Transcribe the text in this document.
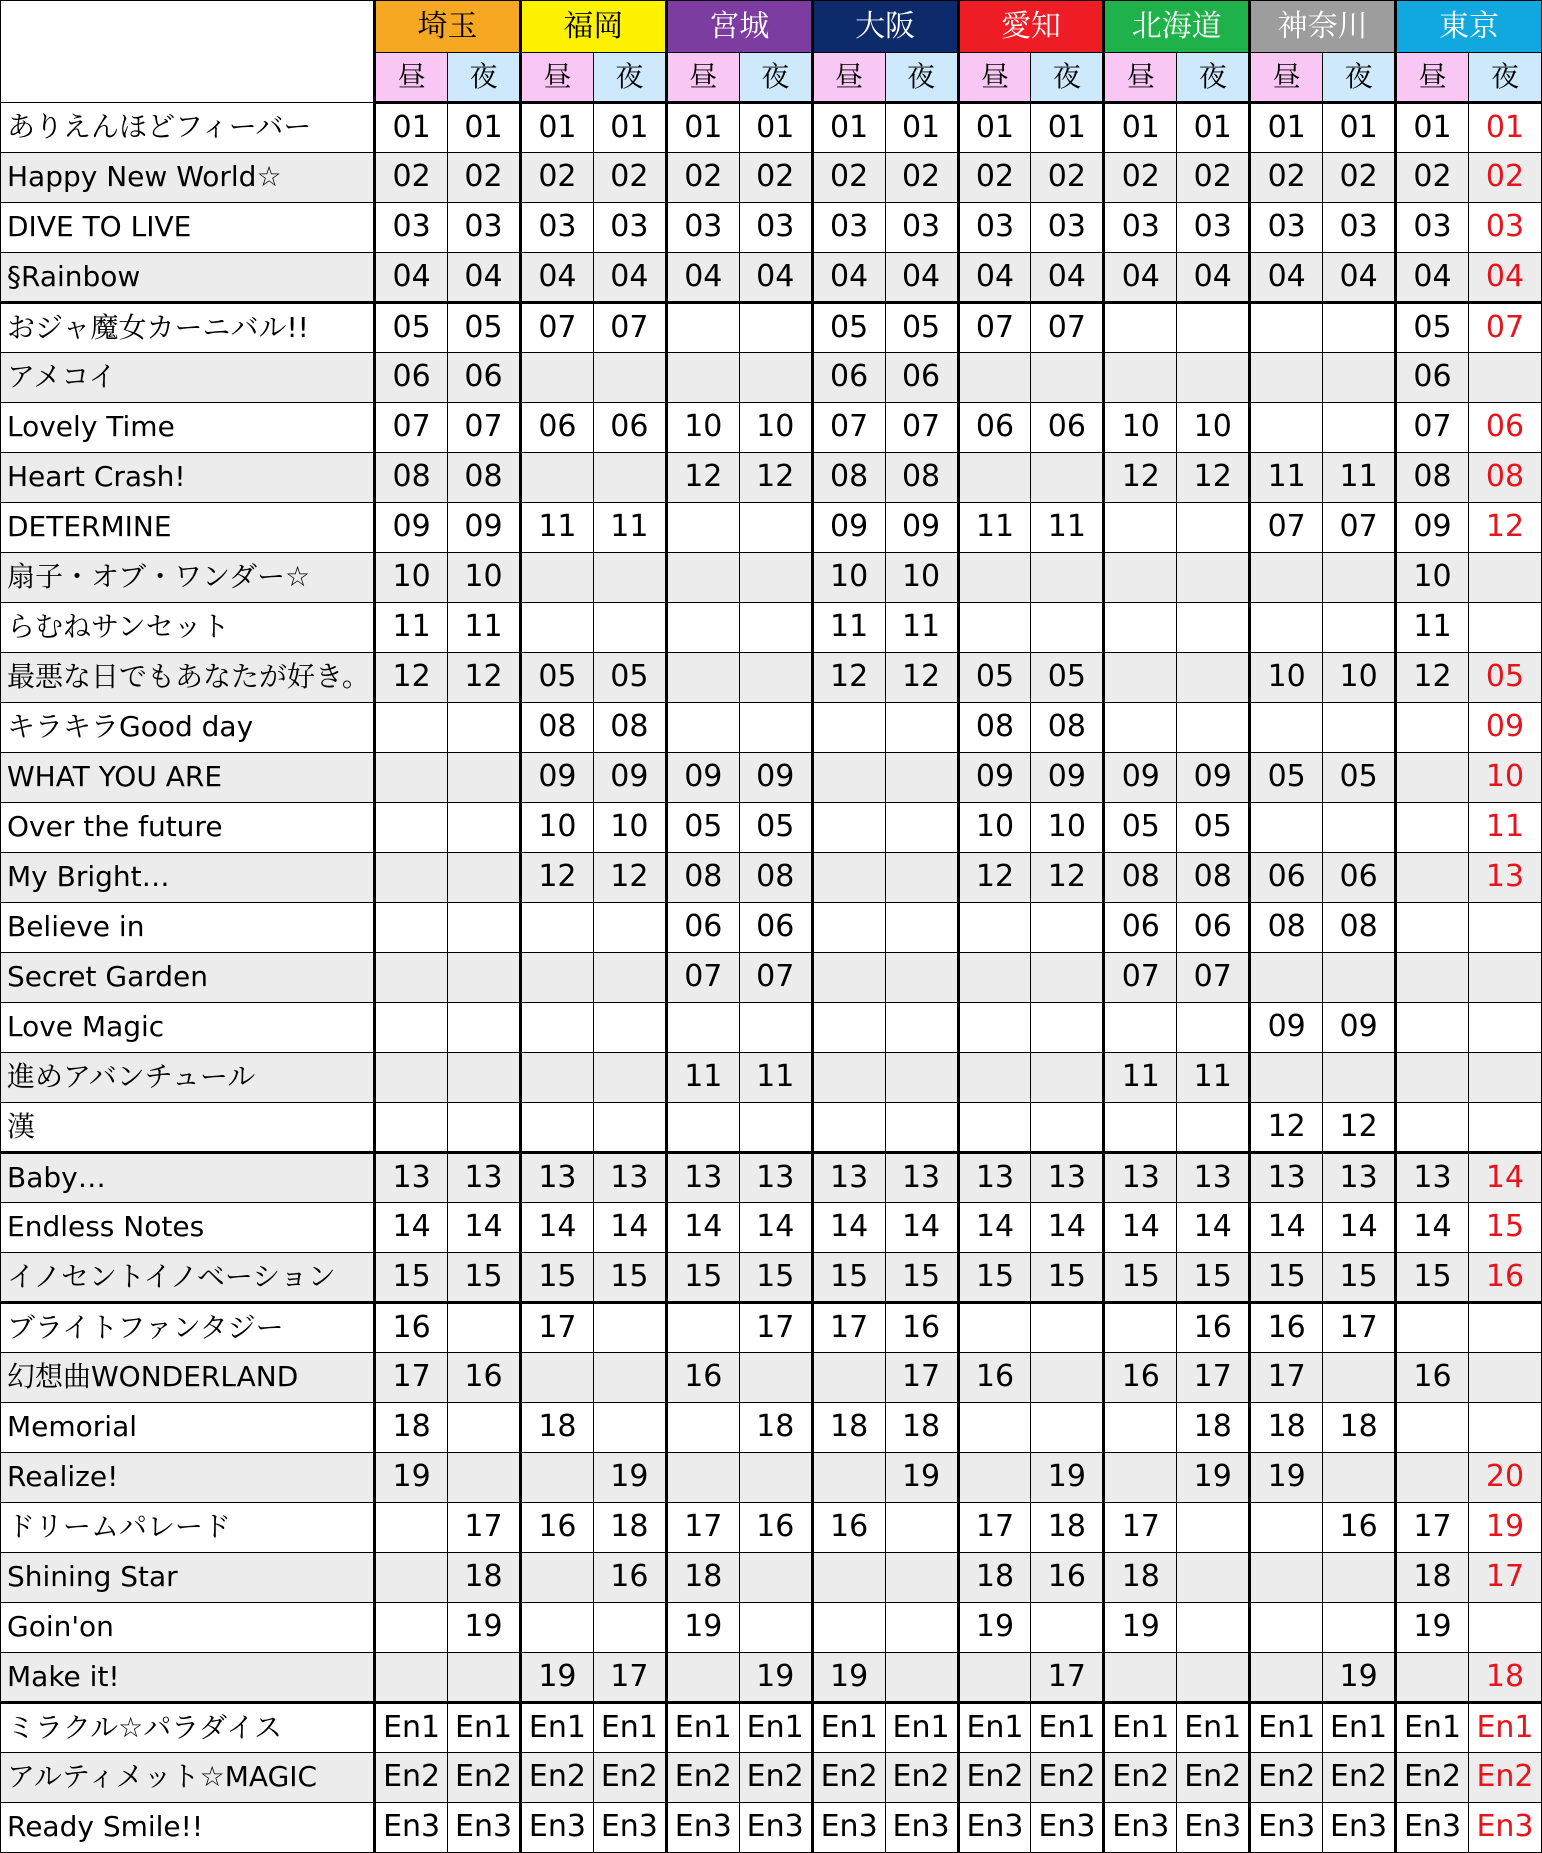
	埼玉		福岡		宮城		大阪		愛知		北海道		神奈川		東京	
	昼	夜	昼	夜	昼	夜	昼	夜	昼	夜	昼	夜	昼	夜	昼	夜
ありえんほどフィーバー	01	01	01	01	01	01	01	01	01	01	01	01	01	01	01	01
Happy New World☆	02	02	02	02	02	02	02	02	02	02	02	02	02	02	02	02
DIVE TO LIVE	03	03	03	03	03	03	03	03	03	03	03	03	03	03	03	03
§Rainbow	04	04	04	04	04	04	04	04	04	04	04	04	04	04	04	04
おジャ魔女カーニバル!!	05	05	07	07			05	05	07	07					05	07
アメコイ	06	06					06	06							06	
Lovely Time	07	07	06	06	10	10	07	07	06	06	10	10			07	06
Heart Crash!	08	08			12	12	08	08			12	12	11	11	08	08
DETERMINE	09	09	11	11			09	09	11	11			07	07	09	12
扇子・オブ・ワンダー☆	10	10					10	10							10	
らむねサンセット	11	11					11	11							11	
最悪な日でもあなたが好き。	12	12	05	05			12	12	05	05			10	10	12	05
キラキラGood day			08	08					08	08						09
WHAT YOU ARE			09	09	09	09			09	09	09	09	05	05		10
Over the future			10	10	05	05			10	10	05	05				11
My Bright…			12	12	08	08			12	12	08	08	06	06		13
Believe in					06	06					06	06	08	08		
Secret Garden					07	07					07	07				
Love Magic													09	09		
進めアバンチュール					11	11					11	11				
漢													12	12		
Baby…	13	13	13	13	13	13	13	13	13	13	13	13	13	13	13	14
Endless Notes	14	14	14	14	14	14	14	14	14	14	14	14	14	14	14	15
イノセントイノベーション	15	15	15	15	15	15	15	15	15	15	15	15	15	15	15	16
ブライトファンタジー	16		17			17	17	16				16	16	17		
幻想曲WONDERLAND	17	16			16			17	16		16	17	17		16	
Memorial	18		18			18	18	18				18	18	18		
Realize!	19			19				19		19		19	19			20
ドリームパレード		17	16	18	17	16	16		17	18	17			16	17	19
Shining Star		18		16	18				18	16	18				18	17
Goin'on		19			19				19		19				19	
Make it!			19	17		19	19			17				19		18
ミラクル☆パラダイス	En1	En1	En1	En1	En1	En1	En1	En1	En1	En1	En1	En1	En1	En1	En1	En1
アルティメット☆MAGIC	En2	En2	En2	En2	En2	En2	En2	En2	En2	En2	En2	En2	En2	En2	En2	En2
Ready Smile!!	En3	En3	En3	En3	En3	En3	En3	En3	En3	En3	En3	En3	En3	En3	En3	En3
